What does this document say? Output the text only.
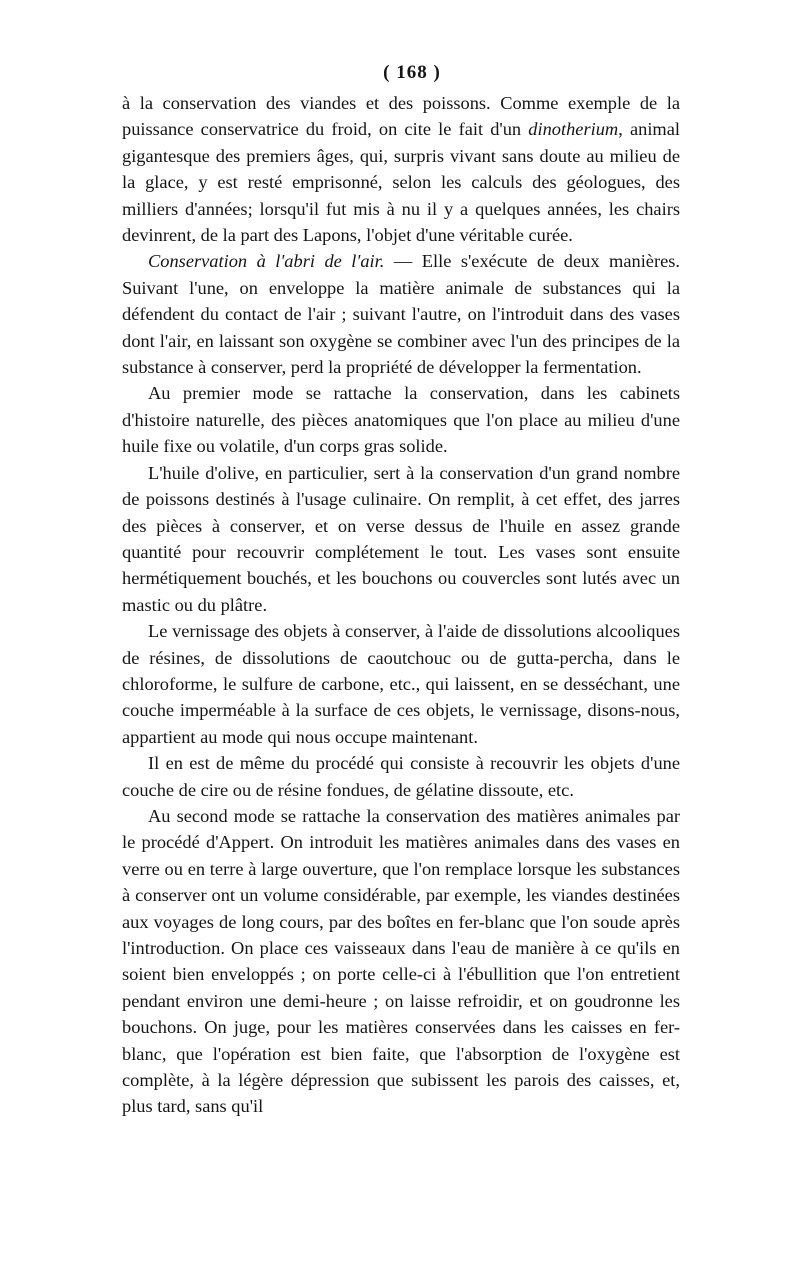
( 168 )

à la conservation des viandes et des poissons. Comme exemple de la puissance conservatrice du froid, on cite le fait d'un dinotherium, animal gigantesque des premiers âges, qui, surpris vivant sans doute au milieu de la glace, y est resté emprisonné, selon les calculs des géologues, des milliers d'années; lorsqu'il fut mis à nu il y a quelques années, les chairs devinrent, de la part des Lapons, l'objet d'une véritable curée.

Conservation à l'abri de l'air. — Elle s'exécute de deux manières. Suivant l'une, on enveloppe la matière animale de substances qui la défendent du contact de l'air ; suivant l'autre, on l'introduit dans des vases dont l'air, en laissant son oxygène se combiner avec l'un des principes de la substance à conserver, perd la propriété de développer la fermentation.

Au premier mode se rattache la conservation, dans les cabinets d'histoire naturelle, des pièces anatomiques que l'on place au milieu d'une huile fixe ou volatile, d'un corps gras solide.

L'huile d'olive, en particulier, sert à la conservation d'un grand nombre de poissons destinés à l'usage culinaire. On remplit, à cet effet, des jarres des pièces à conserver, et on verse dessus de l'huile en assez grande quantité pour recouvrir complétement le tout. Les vases sont ensuite hermétiquement bouchés, et les bouchons ou couvercles sont lutés avec un mastic ou du plâtre.

Le vernissage des objets à conserver, à l'aide de dissolutions alcooliques de résines, de dissolutions de caoutchouc ou de gutta-percha, dans le chloroforme, le sulfure de carbone, etc., qui laissent, en se desséchant, une couche imperméable à la surface de ces objets, le vernissage, disons-nous, appartient au mode qui nous occupe maintenant.

Il en est de même du procédé qui consiste à recouvrir les objets d'une couche de cire ou de résine fondues, de gélatine dissoute, etc.

Au second mode se rattache la conservation des matières animales par le procédé d'Appert. On introduit les matières animales dans des vases en verre ou en terre à large ouverture, que l'on remplace lorsque les substances à conserver ont un volume considérable, par exemple, les viandes destinées aux voyages de long cours, par des boîtes en fer-blanc que l'on soude après l'introduction. On place ces vaisseaux dans l'eau de manière à ce qu'ils en soient bien enveloppés ; on porte celle-ci à l'ébullition que l'on entretient pendant environ une demi-heure ; on laisse refroidir, et on goudronne les bouchons. On juge, pour les matières conservées dans les caisses en fer-blanc, que l'opération est bien faite, que l'absorption de l'oxygène est complète, à la légère dépression que subissent les parois des caisses, et, plus tard, sans qu'il
